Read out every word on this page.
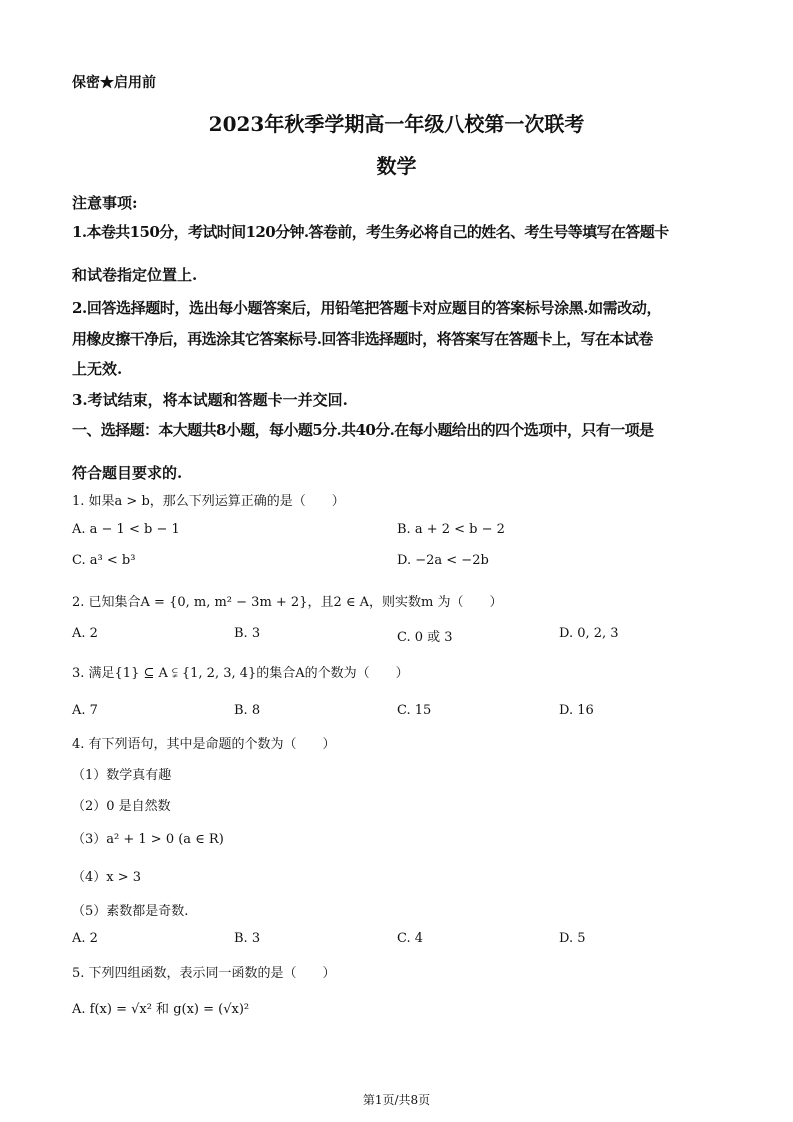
保密★启用前
2023年秋季学期高一年级八校第一次联考
数学
注意事项:
1.本卷共150分，考试时间120分钟.答卷前，考生务必将自己的姓名、考生号等填写在答题卡
和试卷指定位置上.
2.回答选择题时，选出每小题答案后，用铅笔把答题卡对应题目的答案标号涂黑.如需改动，
用橡皮擦干净后，再选涂其它答案标号.回答非选择题时，将答案写在答题卡上，写在本试卷
上无效.
3.考试结束，将本试题和答题卡一并交回.
一、选择题：本大题共8小题，每小题5分.共40分.在每小题给出的四个选项中，只有一项是
符合题目要求的.
1. 如果a > b，那么下列运算正确的是（　　）
A. a − 1 < b − 1	B. a + 2 < b − 2
C. a³ < b³	D. −2a < −2b
2. 已知集合A = {0, m, m² − 3m + 2}，且2 ∈ A，则实数m 为（　　）
A. 2	B. 3	C. 0 或 3	D. 0, 2, 3
3. 满足{1} ⊆ A ⫋ {1, 2, 3, 4}的集合A的个数为（　　）
A. 7	B. 8	C. 15	D. 16
4. 有下列语句，其中是命题的个数为（　　）
（1）数学真有趣
（2）0 是自然数
（3）a² + 1 > 0 (a ∈ R)
（4）x > 3
（5）素数都是奇数.
A. 2	B. 3	C. 4	D. 5
5. 下列四组函数，表示同一函数的是（　　）
A. f(x) = √x² 和 g(x) = (√x)²
第1页/共8页
